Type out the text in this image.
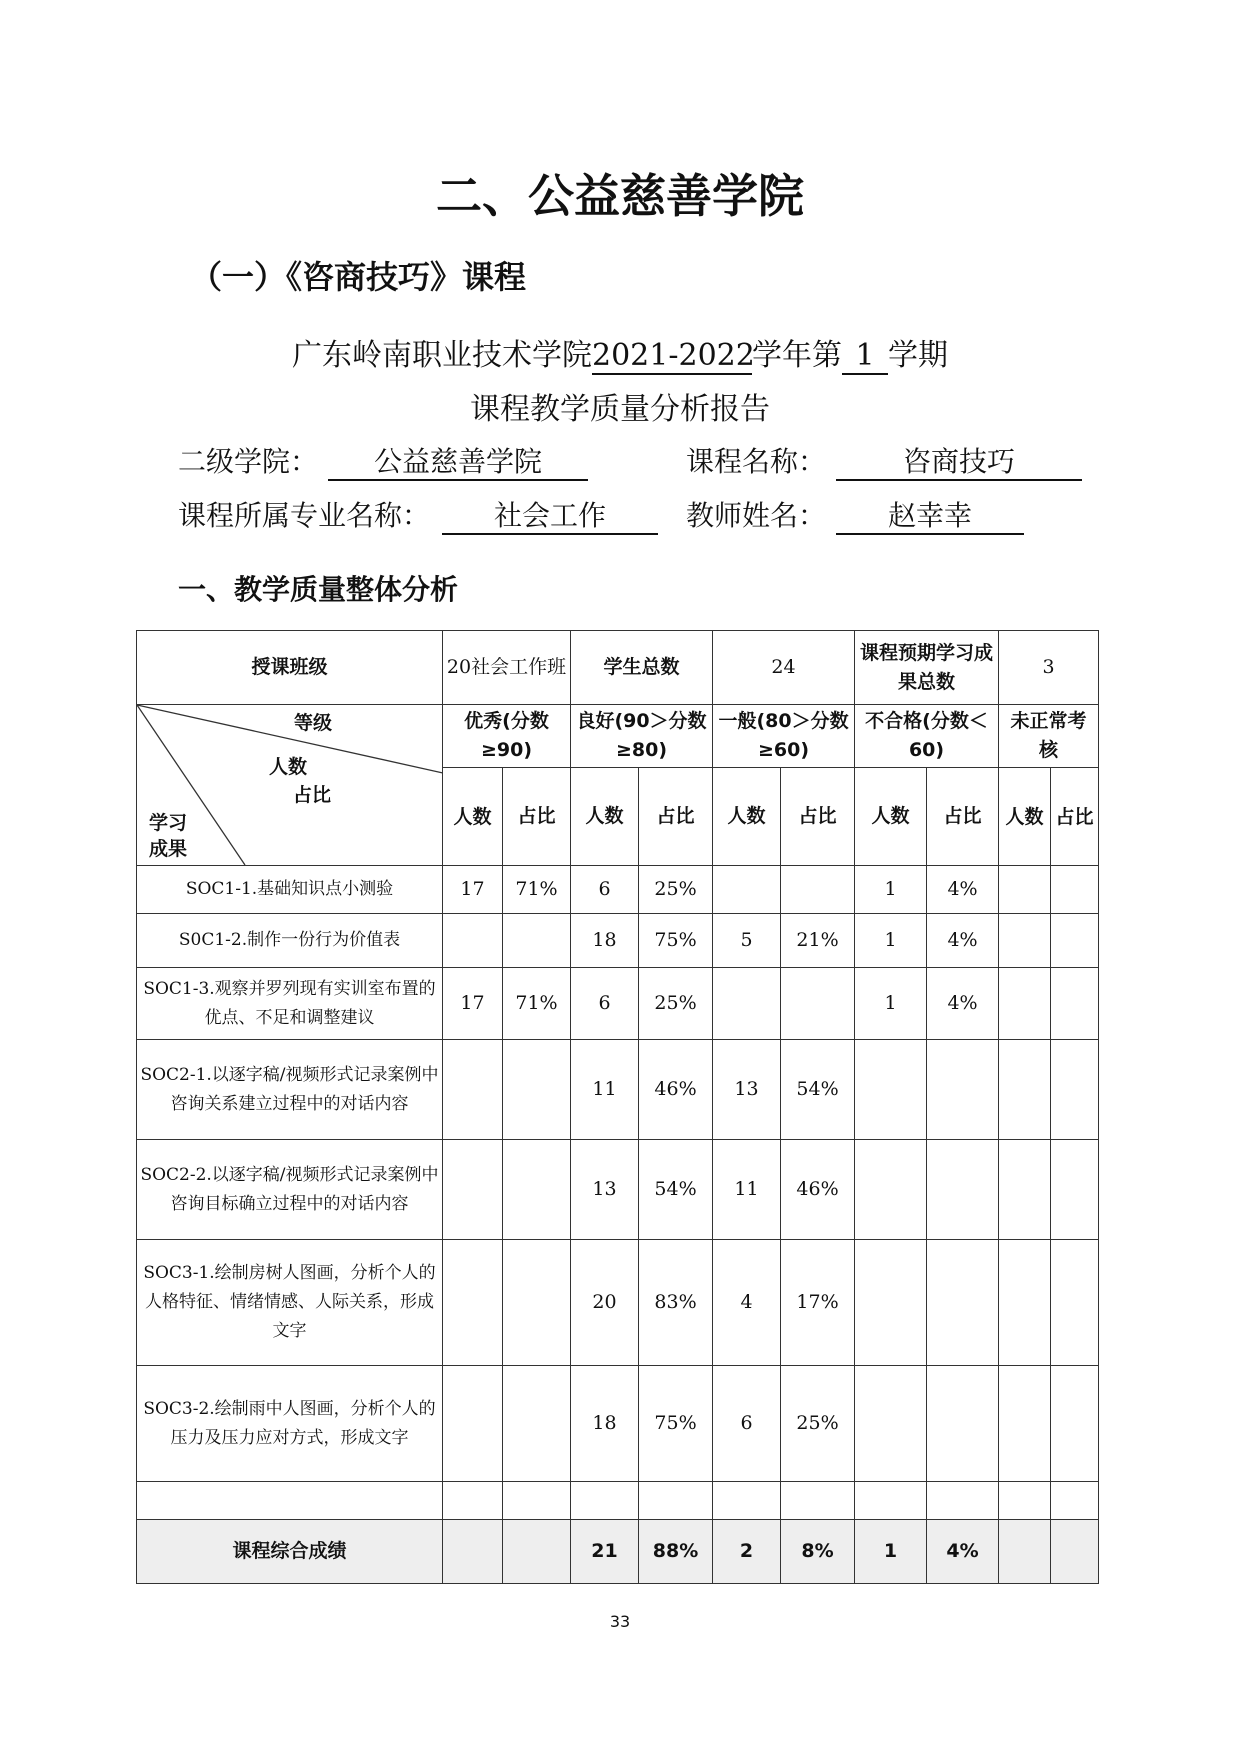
二、公益慈善学院
（一）《咨商技巧》课程
广东岭南职业技术学院2021-2022学年第 1 学期
课程教学质量分析报告
二级学院： 公益慈善学院	课程名称：	咨商技巧
课程所属专业名称： 社会工作	教师姓名： 赵幸幸
一、教学质量整体分析
授课班级	20社会工作班		学生总数		24		课程预期学习成果总数		3	

等级
人数
占比
学习
成果	优秀(分数≥90)		良好(90＞分数≥80)		一般(80＞分数≥60)		不合格(分数＜60)		未正常考核	
	人数	占比	人数	占比	人数	占比	人数	占比	人数	占比
SOC1-1.基础知识点小测验	17	71%	6	25%			1	4%		
S0C1-2.制作一份行为价值表			18	75%	5	21%	1	4%		
SOC1-3.观察并罗列现有实训室布置的优点、不足和调整建议	17	71%	6	25%			1	4%		
SOC2-1.以逐字稿/视频形式记录案例中咨询关系建立过程中的对话内容			11	46%	13	54%				
SOC2-2.以逐字稿/视频形式记录案例中咨询目标确立过程中的对话内容			13	54%	11	46%				
SOC3-1.绘制房树人图画，分析个人的人格特征、情绪情感、人际关系，形成文字			20	83%	4	17%				
SOC3-2.绘制雨中人图画，分析个人的压力及压力应对方式，形成文字			18	75%	6	25%				

课程综合成绩			21	88%	2	8%	1	4%		
33
